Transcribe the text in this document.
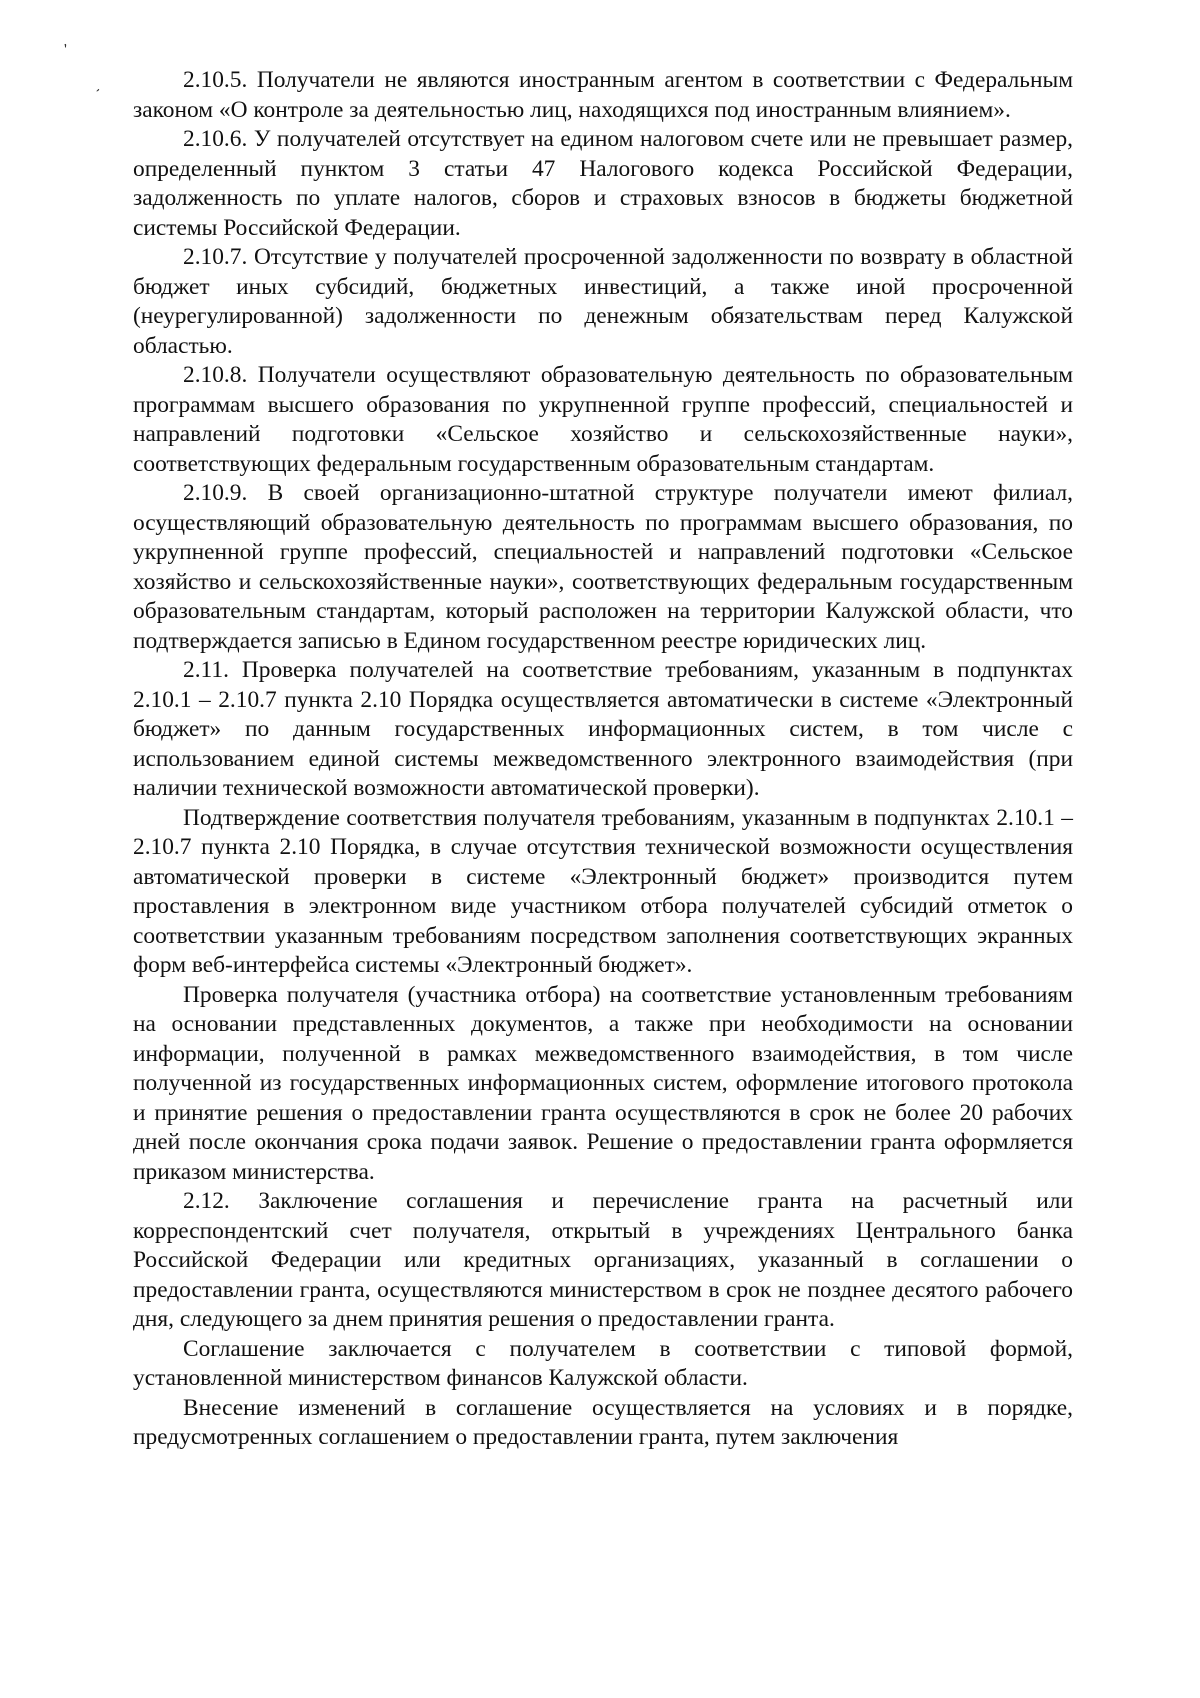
,
,	2.10.5. Получатели не являются иностранным агентом в соответствии с Федеральным законом «О контроле за деятельностью лиц, находящихся под иностранным влиянием».

2.10.6. У получателей отсутствует на едином налоговом счете или не превышает размер, определенный пунктом 3 статьи 47 Налогового кодекса Российской Федерации, задолженность по уплате налогов, сборов и страховых взносов в бюджеты бюджетной системы Российской Федерации.

2.10.7. Отсутствие у получателей просроченной задолженности по возврату в областной бюджет иных субсидий, бюджетных инвестиций, а также иной просроченной (неурегулированной) задолженности по денежным обязательствам перед Калужской областью.

2.10.8. Получатели осуществляют образовательную деятельность по образовательным программам высшего образования по укрупненной группе профессий, специальностей и направлений подготовки «Сельское хозяйство и сельскохозяйственные науки», соответствующих федеральным государственным образовательным стандартам.

2.10.9. В своей организационно-штатной структуре получатели имеют филиал, осуществляющий образовательную деятельность по программам высшего образования, по укрупненной группе профессий, специальностей и направлений подготовки «Сельское хозяйство и сельскохозяйственные науки», соответствующих федеральным государственным образовательным стандартам, который расположен на территории Калужской области, что подтверждается записью в Едином государственном реестре юридических лиц.

2.11. Проверка получателей на соответствие требованиям, указанным в подпунктах 2.10.1 – 2.10.7 пункта 2.10 Порядка осуществляется автоматически в системе «Электронный бюджет» по данным государственных информационных систем, в том числе с использованием единой системы межведомственного электронного взаимодействия (при наличии технической возможности автоматической проверки).

Подтверждение соответствия получателя требованиям, указанным в подпунктах 2.10.1 – 2.10.7 пункта 2.10 Порядка, в случае отсутствия технической возможности осуществления автоматической проверки в системе «Электронный бюджет» производится путем проставления в электронном виде участником отбора получателей субсидий отметок о соответствии указанным требованиям посредством заполнения соответствующих экранных форм веб-интерфейса системы «Электронный бюджет».

Проверка получателя (участника отбора) на соответствие установленным требованиям на основании представленных документов, а также при необходимости на основании информации, полученной в рамках межведомственного взаимодействия, в том числе полученной из государственных информационных систем, оформление итогового протокола и принятие решения о предоставлении гранта осуществляются в срок не более 20 рабочих дней после окончания срока подачи заявок. Решение о предоставлении гранта оформляется приказом министерства.

2.12. Заключение соглашения и перечисление гранта на расчетный или корреспондентский счет получателя, открытый в учреждениях Центрального банка Российской Федерации или кредитных организациях, указанный в соглашении о предоставлении гранта, осуществляются министерством в срок не позднее десятого рабочего дня, следующего за днем принятия решения о предоставлении гранта.

Соглашение заключается с получателем в соответствии с типовой формой, установленной министерством финансов Калужской области.

Внесение изменений в соглашение осуществляется на условиях и в порядке, предусмотренных соглашением о предоставлении гранта, путем заключения
